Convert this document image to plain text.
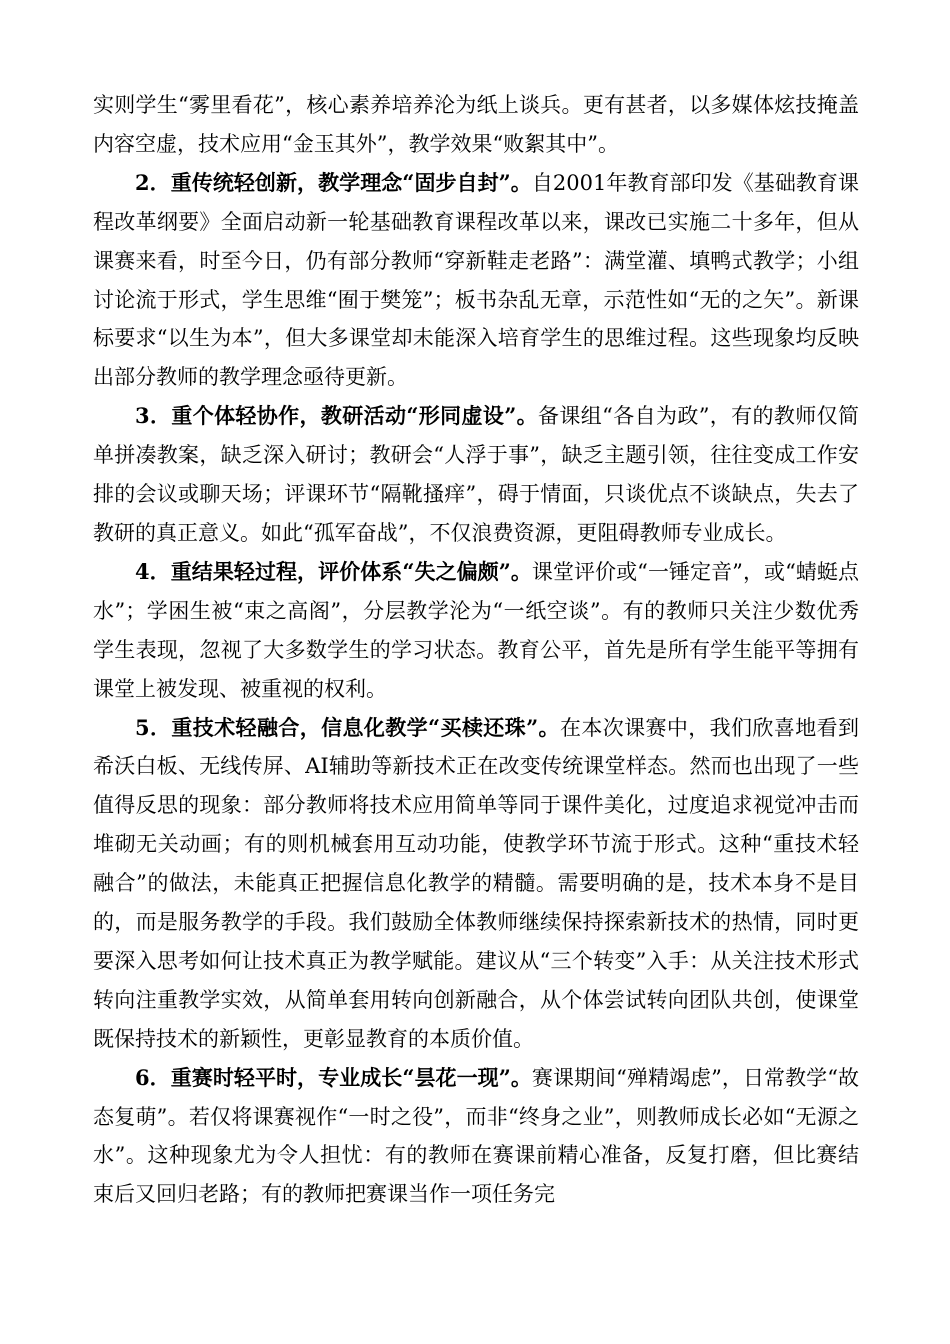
实则学生“雾里看花”，核心素养培养沦为纸上谈兵。更有甚者，以多媒体炫技掩盖内容空虚，技术应用“金玉其外”，教学效果“败絮其中”。

2．重传统轻创新，教学理念“固步自封”。自2001年教育部印发《基础教育课程改革纲要》全面启动新一轮基础教育课程改革以来，课改已实施二十多年，但从课赛来看，时至今日，仍有部分教师“穿新鞋走老路”：满堂灌、填鸭式教学；小组讨论流于形式，学生思维“囿于樊笼”；板书杂乱无章，示范性如“无的之矢”。新课标要求“以生为本”，但大多课堂却未能深入培育学生的思维过程。这些现象均反映出部分教师的教学理念亟待更新。

3．重个体轻协作，教研活动“形同虚设”。备课组“各自为政”，有的教师仅简单拼凑教案，缺乏深入研讨；教研会“人浮于事”，缺乏主题引领，往往变成工作安排的会议或聊天场；评课环节“隔靴搔痒”，碍于情面，只谈优点不谈缺点，失去了教研的真正意义。如此“孤军奋战”，不仅浪费资源，更阻碍教师专业成长。

4．重结果轻过程，评价体系“失之偏颇”。课堂评价或“一锤定音”，或“蜻蜓点水”；学困生被“束之高阁”，分层教学沦为“一纸空谈”。有的教师只关注少数优秀学生表现，忽视了大多数学生的学习状态。教育公平，首先是所有学生能平等拥有课堂上被发现、被重视的权利。

5．重技术轻融合，信息化教学“买椟还珠”。在本次课赛中，我们欣喜地看到希沃白板、无线传屏、AI辅助等新技术正在改变传统课堂样态。然而也出现了一些值得反思的现象：部分教师将技术应用简单等同于课件美化，过度追求视觉冲击而堆砌无关动画；有的则机械套用互动功能，使教学环节流于形式。这种“重技术轻融合”的做法，未能真正把握信息化教学的精髓。需要明确的是，技术本身不是目的，而是服务教学的手段。我们鼓励全体教师继续保持探索新技术的热情，同时更要深入思考如何让技术真正为教学赋能。建议从“三个转变”入手：从关注技术形式转向注重教学实效，从简单套用转向创新融合，从个体尝试转向团队共创，使课堂既保持技术的新颖性，更彰显教育的本质价值。

6．重赛时轻平时，专业成长“昙花一现”。赛课期间“殚精竭虑”，日常教学“故态复萌”。若仅将课赛视作“一时之役”，而非“终身之业”，则教师成长必如“无源之水”。这种现象尤为令人担忧：有的教师在赛课前精心准备，反复打磨，但比赛结束后又回归老路；有的教师把赛课当作一项任务完
